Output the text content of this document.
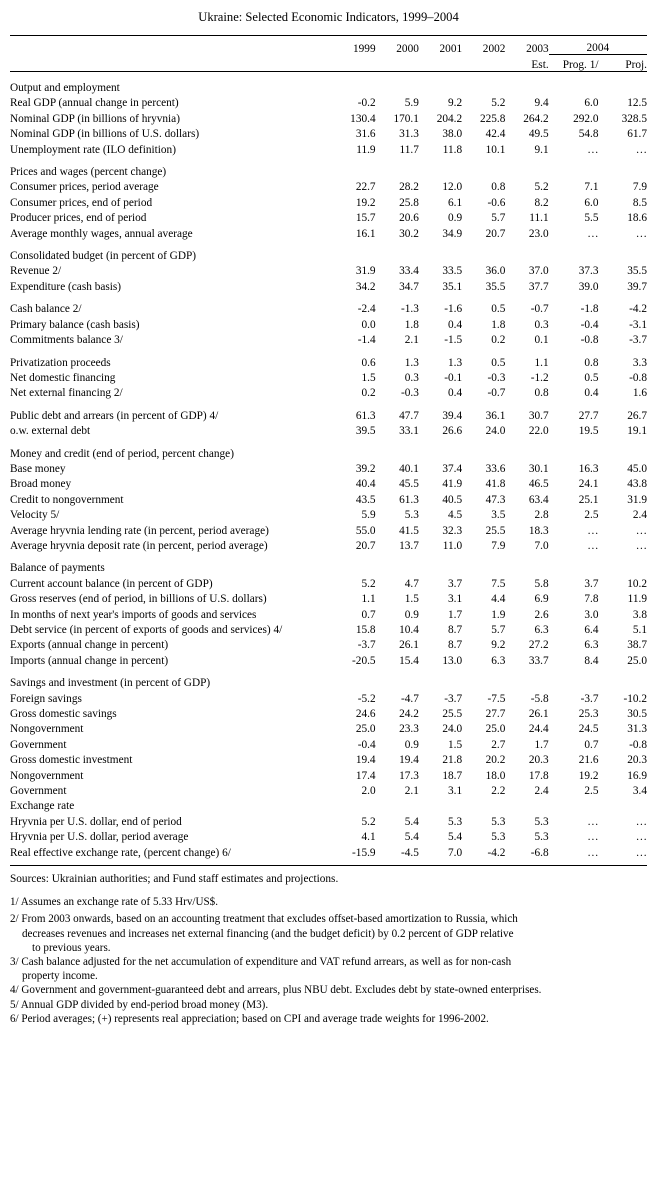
Ukraine: Selected Economic Indicators, 1999–2004

	1999	2000	2001	2002	2003	2004	
					Est.	Prog. 1/	Proj.

Output and employment							
Real GDP (annual change in percent)	-0.2	5.9	9.2	5.2	9.4	6.0	12.5
Nominal GDP (in billions of hryvnia)	130.4	170.1	204.2	225.8	264.2	292.0	328.5
Nominal GDP (in billions of U.S. dollars)	31.6	31.3	38.0	42.4	49.5	54.8	61.7
Unemployment rate (ILO definition)	11.9	11.7	11.8	10.1	9.1	…	…

Prices and wages (percent change)							
Consumer prices, period average	22.7	28.2	12.0	0.8	5.2	7.1	7.9
Consumer prices, end of period	19.2	25.8	6.1	-0.6	8.2	6.0	8.5
Producer prices, end of period	15.7	20.6	0.9	5.7	11.1	5.5	18.6
Average monthly wages, annual average	16.1	30.2	34.9	20.7	23.0	…	…

Consolidated budget (in percent of GDP)							
Revenue 2/	31.9	33.4	33.5	36.0	37.0	37.3	35.5
Expenditure (cash basis)	34.2	34.7	35.1	35.5	37.7	39.0	39.7

Cash balance 2/	-2.4	-1.3	-1.6	0.5	-0.7	-1.8	-4.2
Primary balance (cash basis)	0.0	1.8	0.4	1.8	0.3	-0.4	-3.1
Commitments balance 3/	-1.4	2.1	-1.5	0.2	0.1	-0.8	-3.7

Privatization proceeds	0.6	1.3	1.3	0.5	1.1	0.8	3.3
Net domestic financing	1.5	0.3	-0.1	-0.3	-1.2	0.5	-0.8
Net external financing 2/	0.2	-0.3	0.4	-0.7	0.8	0.4	1.6

Public debt and arrears (in percent of GDP) 4/	61.3	47.7	39.4	36.1	30.7	27.7	26.7
o.w. external debt	39.5	33.1	26.6	24.0	22.0	19.5	19.1

Money and credit (end of period, percent change)							
Base money	39.2	40.1	37.4	33.6	30.1	16.3	45.0
Broad money	40.4	45.5	41.9	41.8	46.5	24.1	43.8
Credit to nongovernment	43.5	61.3	40.5	47.3	63.4	25.1	31.9
Velocity 5/	5.9	5.3	4.5	3.5	2.8	2.5	2.4
Average hryvnia lending rate (in percent, period average)	55.0	41.5	32.3	25.5	18.3	…	…
Average hryvnia deposit rate (in percent, period average)	20.7	13.7	11.0	7.9	7.0	…	…

Balance of payments							
Current account balance (in percent of GDP)	5.2	4.7	3.7	7.5	5.8	3.7	10.2
Gross reserves (end of period, in billions of U.S. dollars)	1.1	1.5	3.1	4.4	6.9	7.8	11.9
In months of next year's imports of goods and services	0.7	0.9	1.7	1.9	2.6	3.0	3.8
Debt service (in percent of exports of goods and services) 4/	15.8	10.4	8.7	5.7	6.3	6.4	5.1
Exports (annual change in percent)	-3.7	26.1	8.7	9.2	27.2	6.3	38.7
Imports (annual change in percent)	-20.5	15.4	13.0	6.3	33.7	8.4	25.0

Savings and investment (in percent of GDP)							
Foreign savings	-5.2	-4.7	-3.7	-7.5	-5.8	-3.7	-10.2
Gross domestic savings	24.6	24.2	25.5	27.7	26.1	25.3	30.5
Nongovernment	25.0	23.3	24.0	25.0	24.4	24.5	31.3
Government	-0.4	0.9	1.5	2.7	1.7	0.7	-0.8
Gross domestic investment	19.4	19.4	21.8	20.2	20.3	21.6	20.3
Nongovernment	17.4	17.3	18.7	18.0	17.8	19.2	16.9
Government	2.0	2.1	3.1	2.2	2.4	2.5	3.4
Exchange rate							
Hryvnia per U.S. dollar, end of period	5.2	5.4	5.3	5.3	5.3	…	…
Hryvnia per U.S. dollar, period average	4.1	5.4	5.4	5.3	5.3	…	…
Real effective exchange rate, (percent change) 6/	-15.9	-4.5	7.0	-4.2	-6.8	…	…
Sources: Ukrainian authorities; and Fund staff estimates and projections.
1/ Assumes an exchange rate of 5.33 Hrv/US$.
2/ From 2003 onwards, based on an accounting treatment that excludes offset-based amortization to Russia, which
decreases revenues and increases net external financing (and the budget deficit) by 0.2 percent of GDP relative
to previous years.
3/ Cash balance adjusted for the net accumulation of expenditure and VAT refund arrears, as well as for non-cash
property income.
4/ Government and government-guaranteed debt and arrears, plus NBU debt. Excludes debt by state-owned enterprises.
5/ Annual GDP divided by end-period broad money (M3).
6/ Period averages; (+) represents real appreciation; based on CPI and average trade weights for 1996-2002.
